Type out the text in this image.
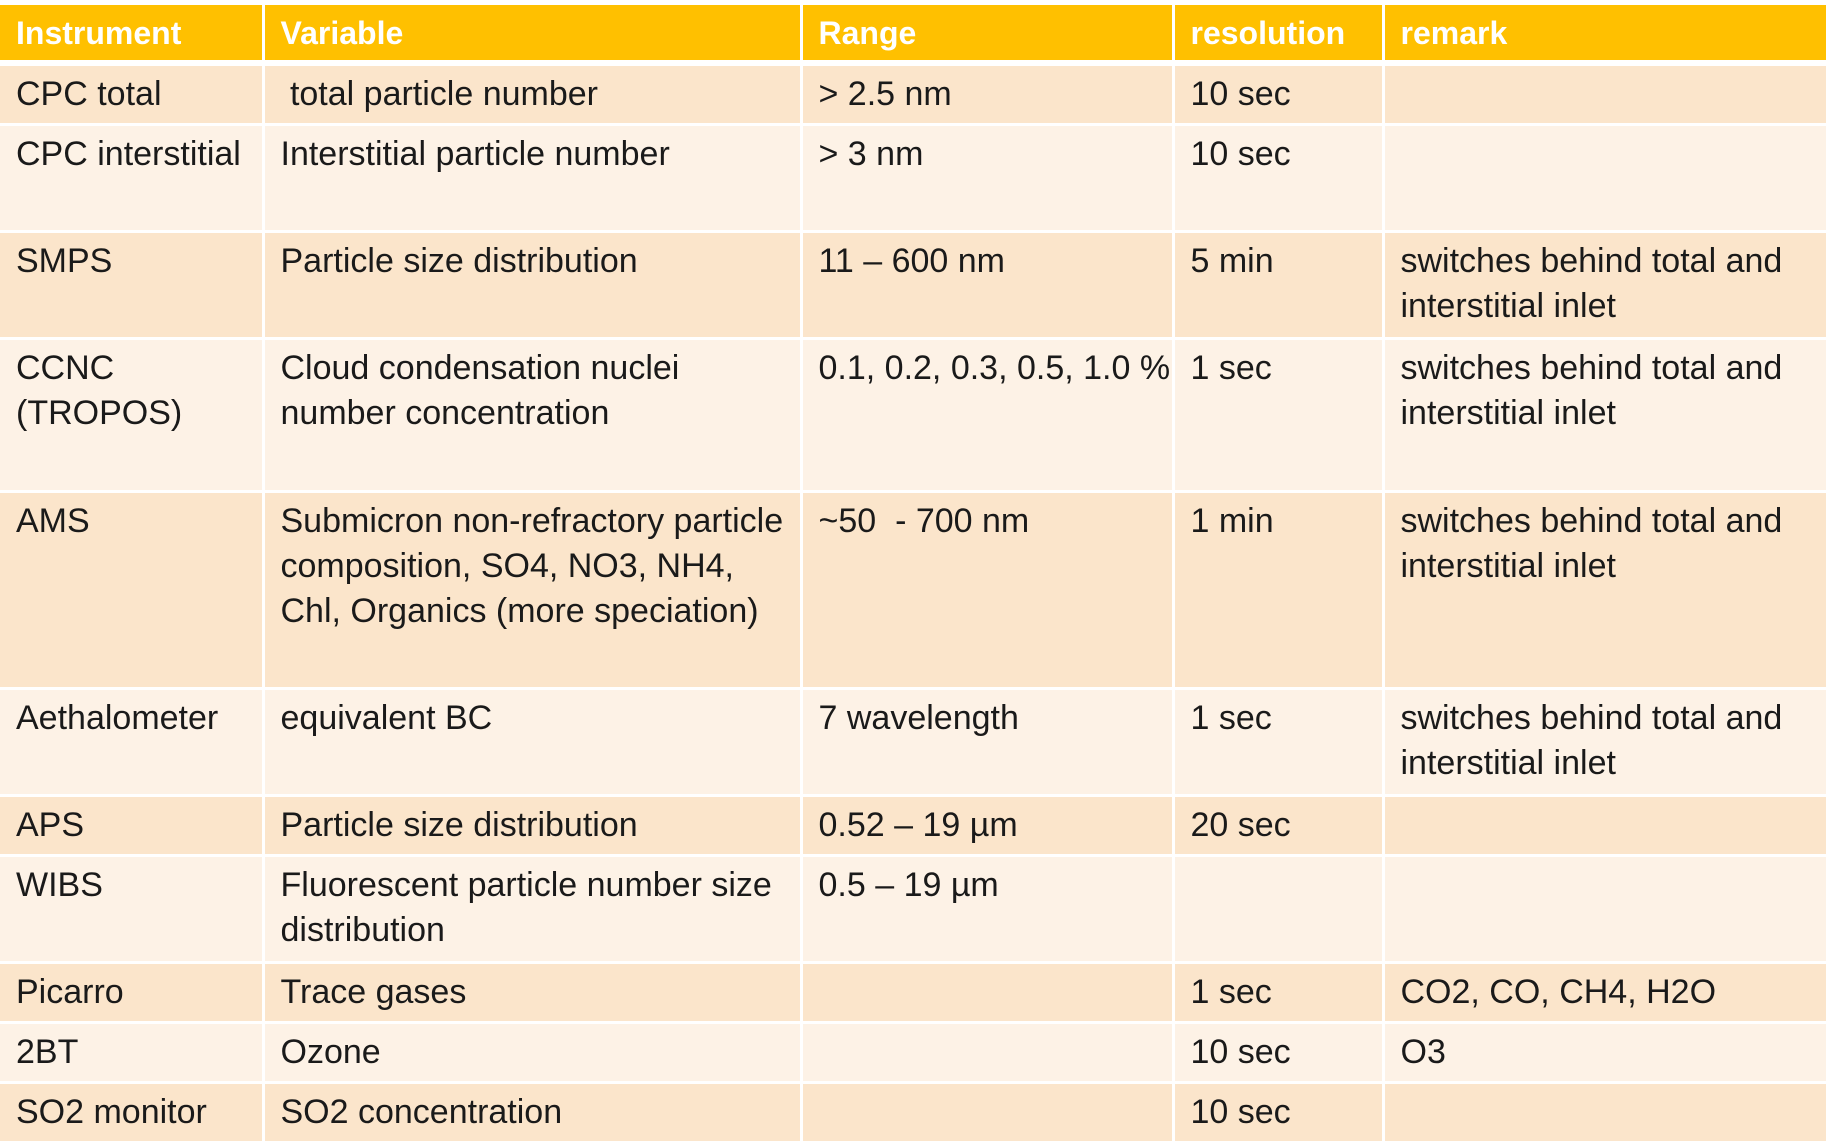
Instrument	Variable	Range	resolution	remark
CPC total	total particle number	> 2.5 nm	10 sec	
CPC interstitial	Interstitial particle number	> 3 nm	10 sec	
SMPS	Particle size distribution	11 – 600 nm	5 min	switches behind total and interstitial inlet
CCNC (TROPOS)	Cloud condensation nuclei number concentration	0.1, 0.2, 0.3, 0.5, 1.0 %	1 sec	switches behind total and interstitial inlet
AMS	Submicron non-refractory particle composition, SO4, NO3, NH4, Chl, Organics (more speciation)	~50  - 700 nm	1 min	switches behind total and interstitial inlet
Aethalometer	equivalent BC	7 wavelength	1 sec	switches behind total and interstitial inlet
APS	Particle size distribution	0.52 – 19 µm	20 sec	
WIBS	Fluorescent particle number size distribution	0.5 – 19 µm		
Picarro	Trace gases		1 sec	CO2, CO, CH4, H2O
2BT	Ozone		10 sec	O3
SO2 monitor	SO2 concentration		10 sec	
